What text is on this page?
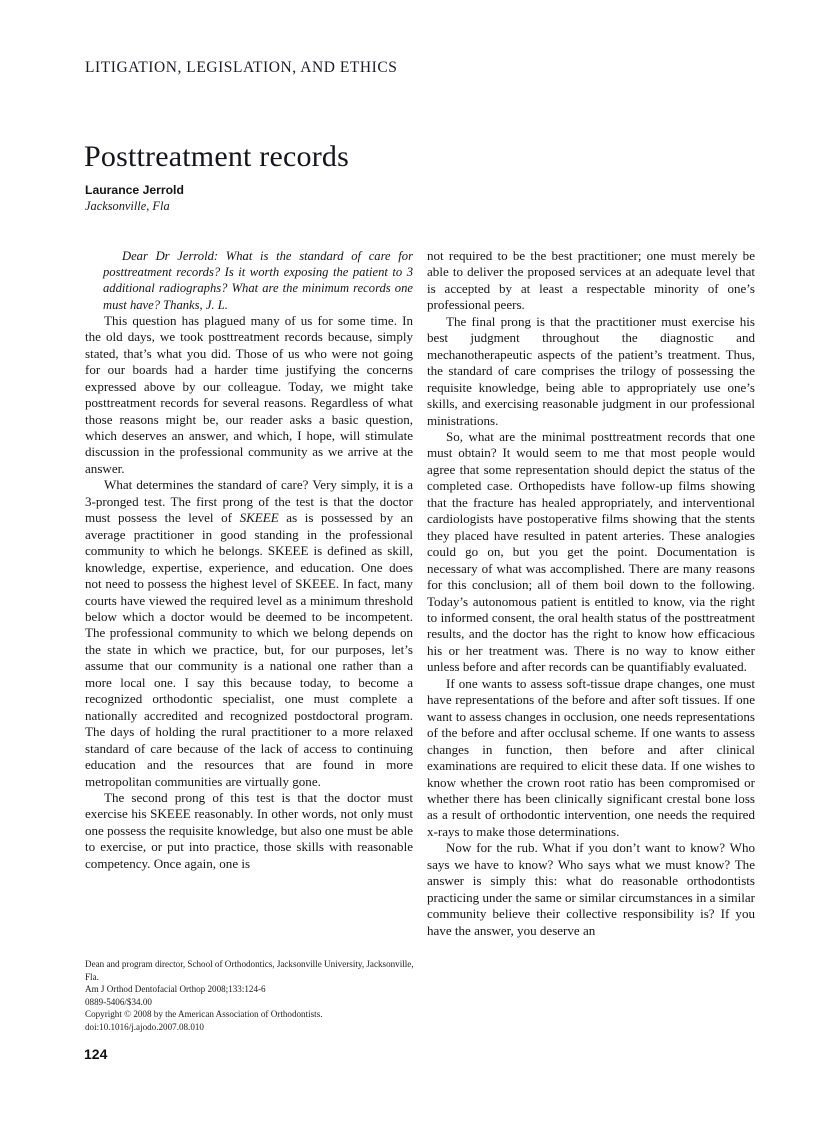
LITIGATION, LEGISLATION, AND ETHICS
Posttreatment records
Laurance Jerrold
Jacksonville, Fla

Dear Dr Jerrold: What is the standard of care for posttreatment records? Is it worth exposing the patient to 3 additional radiographs? What are the minimum records one must have? Thanks, J. L.

This question has plagued many of us for some time. In the old days, we took posttreatment records because, simply stated, that’s what you did. Those of us who were not going for our boards had a harder time justifying the concerns expressed above by our colleague. Today, we might take posttreatment records for several reasons. Regardless of what those reasons might be, our reader asks a basic question, which deserves an answer, and which, I hope, will stimulate discussion in the professional community as we arrive at the answer.

What determines the standard of care? Very simply, it is a 3-pronged test. The first prong of the test is that the doctor must possess the level of SKEEE as is possessed by an average practitioner in good standing in the professional community to which he belongs. SKEEE is defined as skill, knowledge, expertise, experience, and education. One does not need to possess the highest level of SKEEE. In fact, many courts have viewed the required level as a minimum threshold below which a doctor would be deemed to be incompetent. The professional community to which we belong depends on the state in which we practice, but, for our purposes, let’s assume that our community is a national one rather than a more local one. I say this because today, to become a recognized orthodontic specialist, one must complete a nationally accredited and recognized postdoctoral program. The days of holding the rural practitioner to a more relaxed standard of care because of the lack of access to continuing education and the resources that are found in more metropolitan communities are virtually gone.

The second prong of this test is that the doctor must exercise his SKEEE reasonably. In other words, not only must one possess the requisite knowledge, but also one must be able to exercise, or put into practice, those skills with reasonable competency. Once again, one is

not required to be the best practitioner; one must merely be able to deliver the proposed services at an adequate level that is accepted by at least a respectable minority of one’s professional peers.

The final prong is that the practitioner must exercise his best judgment throughout the diagnostic and mechanotherapeutic aspects of the patient’s treatment. Thus, the standard of care comprises the trilogy of possessing the requisite knowledge, being able to appropriately use one’s skills, and exercising reasonable judgment in our professional ministrations.

So, what are the minimal posttreatment records that one must obtain? It would seem to me that most people would agree that some representation should depict the status of the completed case. Orthopedists have follow-up films showing that the fracture has healed appropriately, and interventional cardiologists have postoperative films showing that the stents they placed have resulted in patent arteries. These analogies could go on, but you get the point. Documentation is necessary of what was accomplished. There are many reasons for this conclusion; all of them boil down to the following. Today’s autonomous patient is entitled to know, via the right to informed consent, the oral health status of the posttreatment results, and the doctor has the right to know how efficacious his or her treatment was. There is no way to know either unless before and after records can be quantifiably evaluated.

If one wants to assess soft-tissue drape changes, one must have representations of the before and after soft tissues. If one want to assess changes in occlusion, one needs representations of the before and after occlusal scheme. If one wants to assess changes in function, then before and after clinical examinations are required to elicit these data. If one wishes to know whether the crown root ratio has been compromised or whether there has been clinically significant crestal bone loss as a result of orthodontic intervention, one needs the required x-rays to make those determinations.

Now for the rub. What if you don’t want to know? Who says we have to know? Who says what we must know? The answer is simply this: what do reasonable orthodontists practicing under the same or similar circumstances in a similar community believe their collective responsibility is? If you have the answer, you deserve an

Dean and program director, School of Orthodontics, Jacksonville University, Jacksonville, Fla.
Am J Orthod Dentofacial Orthop 2008;133:124-6
0889-5406/$34.00
Copyright © 2008 by the American Association of Orthodontists.
doi:10.1016/j.ajodo.2007.08.010
124
